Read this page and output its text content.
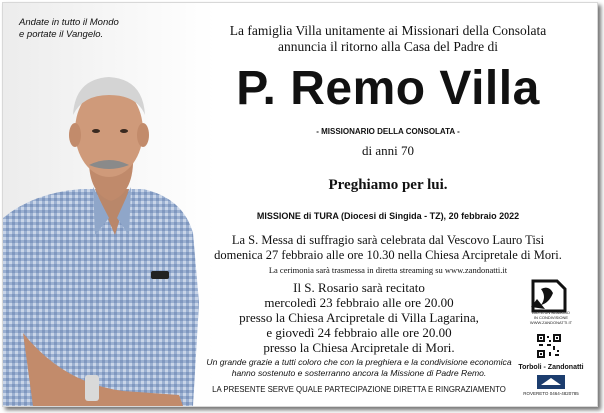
Andate in tutto il Mondo
e portate il Vangelo.	La famiglia Villa unitamente ai Missionari della Consolata
annuncia il ritorno alla Casa del Padre di
P. Remo Villa
- MISSIONARIO DELLA CONSOLATA -
di anni 70
Preghiamo per lui.
MISSIONE di TURA (Diocesi di Singida - TZ), 20 febbraio 2022
La S. Messa di suffragio sarà celebrata dal Vescovo Lauro Tisi
domenica 27 febbraio alle ore 10.30 nella Chiesa Arcipretale di Mori.
La cerimonia sarà trasmessa in diretta streaming su www.zandonatti.it
Il S. Rosario sarà recitato
mercoledì 23 febbraio alle ore 20.00
presso la Chiesa Arcipretale di Villa Lagarina,
e giovedì 24 febbraio alle ore 20.00
presso la Chiesa Arcipretale di Mori.
Un grande grazie a tutti coloro che con la preghiera e la condivisione economica
hanno sostenuto e sosterranno ancora la Missione di Padre Remo.
LA PRESENTE SERVE QUALE PARTECIPAZIONE DIRETTA E RINGRAZIAMENTO
AIUTA UN BAMBINO
IN CONDIVISIONE
WWW.ZANDONATTI.IT
Torboli - Zandonatti
ROVERETO 0464-4820785
